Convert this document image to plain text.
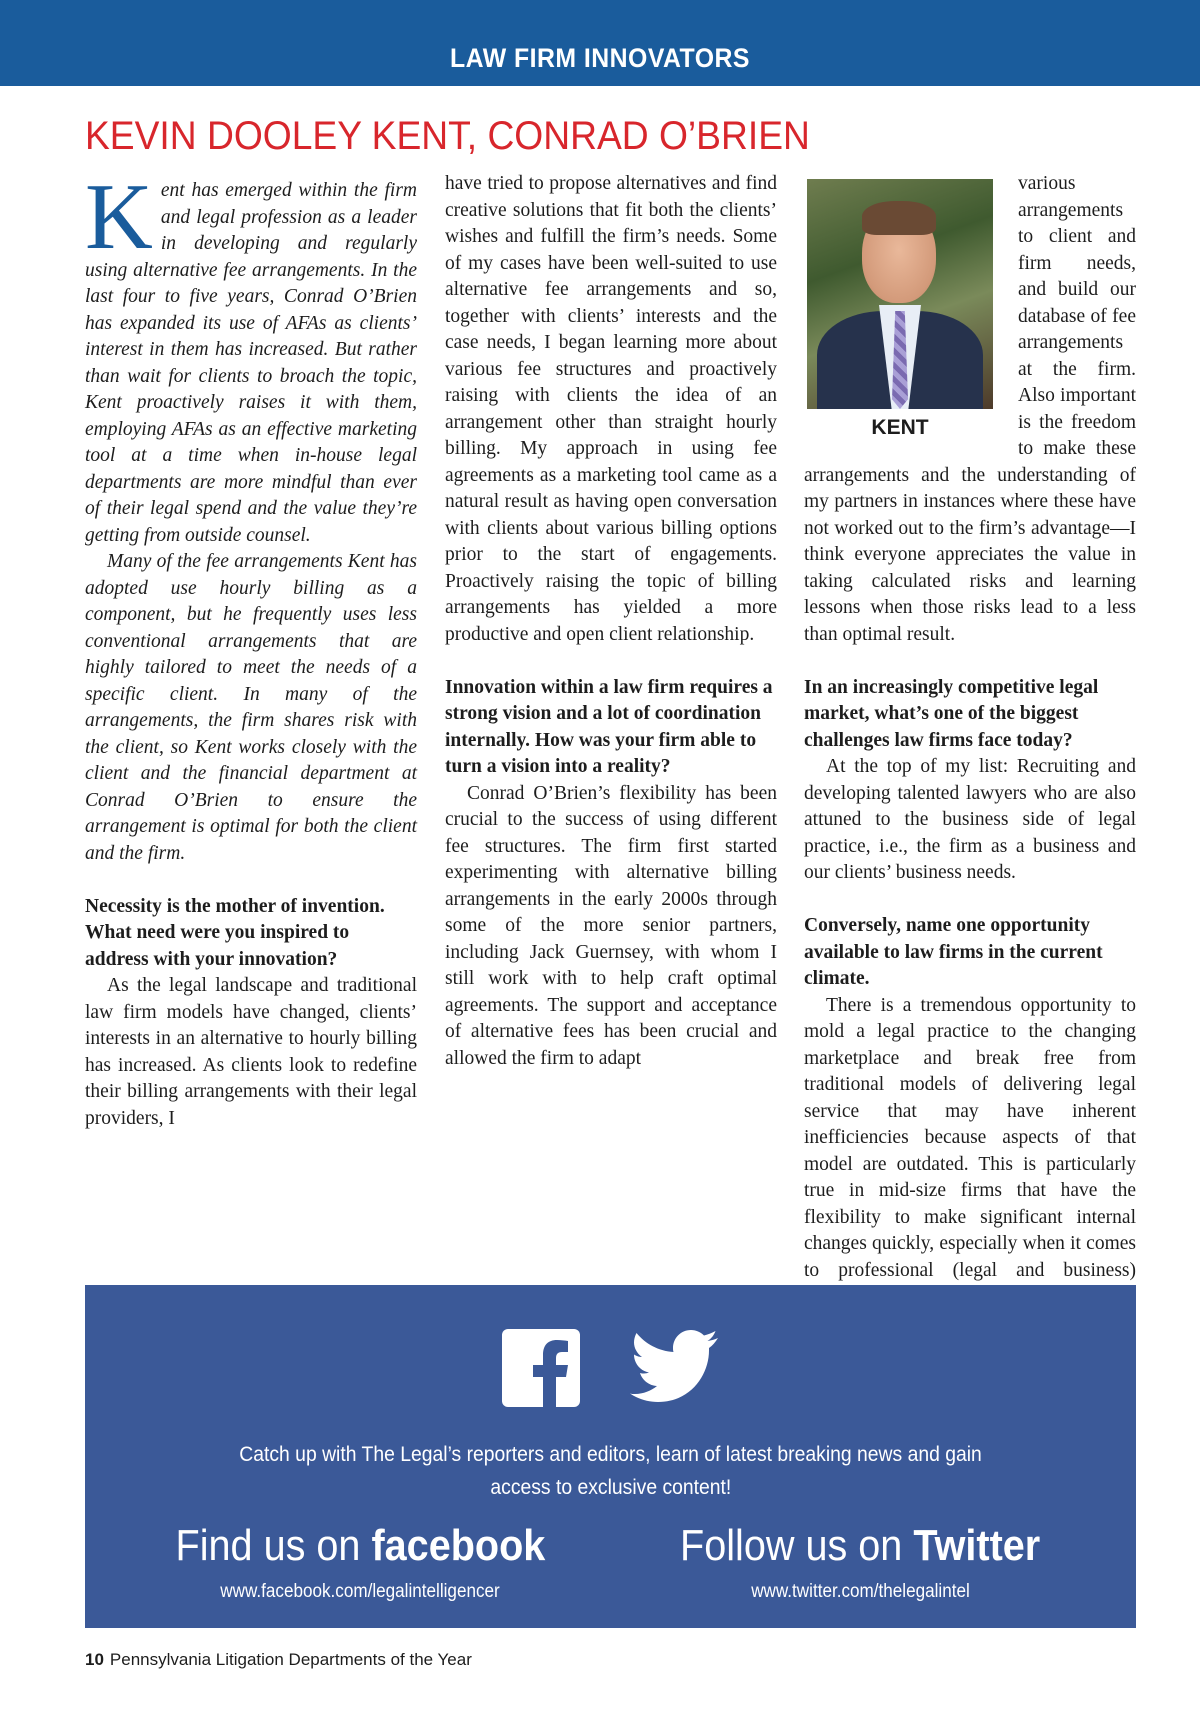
LAW FIRM INNOVATORS
KEVIN DOOLEY KENT, CONRAD O’BRIEN

Kent has emerged within the firm and legal profession as a leader in developing and regularly using alternative fee arrangements. In the last four to five years, Conrad O’Brien has expanded its use of AFAs as clients’ interest in them has increased. But rather than wait for clients to broach the topic, Kent proactively raises it with them, employing AFAs as an effective marketing tool at a time when in-house legal departments are more mindful than ever of their legal spend and the value they’re getting from outside counsel.

Many of the fee arrangements Kent has adopted use hourly billing as a component, but he frequently uses less conventional arrangements that are highly tailored to meet the needs of a specific client. In many of the arrangements, the firm shares risk with the client, so Kent works closely with the client and the financial department at Conrad O’Brien to ensure the arrangement is optimal for both the client and the firm.

Necessity is the mother of invention. What need were you inspired to address with your innovation?

As the legal landscape and traditional law firm models have changed, clients’ interests in an alternative to hourly billing has increased. As clients look to redefine their billing arrangements with their legal providers, I

have tried to propose alternatives and find creative solutions that fit both the clients’ wishes and fulfill the firm’s needs. Some of my cases have been well-suited to use alternative fee arrangements and so, together with clients’ interests and the case needs, I began learning more about various fee structures and proactively raising with clients the idea of an arrangement other than straight hourly billing. My approach in using fee agreements as a marketing tool came as a natural result as having open conversation with clients about various billing options prior to the start of engagements. Proactively raising the topic of billing arrangements has yielded a more productive and open client relationship.

Innovation within a law firm requires a strong vision and a lot of coordination internally. How was your firm able to turn a vision into a reality?

Conrad O’Brien’s flexibility has been crucial to the success of using different fee structures. The firm first started experimenting with alternative billing arrangements in the early 2000s through some of the more senior partners, including Jack Guernsey, with whom I still work with to help craft optimal agreements. The support and acceptance of alternative fees has been crucial and allowed the firm to adapt

KENT
various arrangements to client and firm needs, and build our database of fee arrangements at the firm. Also important is the freedom to make these arrangements and the understanding of my partners in instances where these have not worked out to the firm’s advantage—I think everyone appreciates the value in taking calculated risks and learning lessons when those risks lead to a less than optimal result.

In an increasingly competitive legal market, what’s one of the biggest challenges law firms face today?

At the top of my list: Recruiting and developing talented lawyers who are also attuned to the business side of legal practice, i.e., the firm as a business and our clients’ business needs.

Conversely, name one opportunity available to law firms in the current climate.

There is a tremendous opportunity to mold a legal practice to the changing marketplace and break free from traditional models of delivering legal service that may have inherent inefficiencies because aspects of that model are outdated. This is particularly true in mid-size firms that have the flexibility to make significant internal changes quickly, especially when it comes to professional (legal and business)

Catch up with The Legal’s reporters and editors, learn of latest breaking news and gain
access to exclusive content!
Find us on facebook
www.facebook.com/legalintelligencer
Follow us on Twitter
www.twitter.com/thelegalintel
10 Pennsylvania Litigation Departments of the Year
